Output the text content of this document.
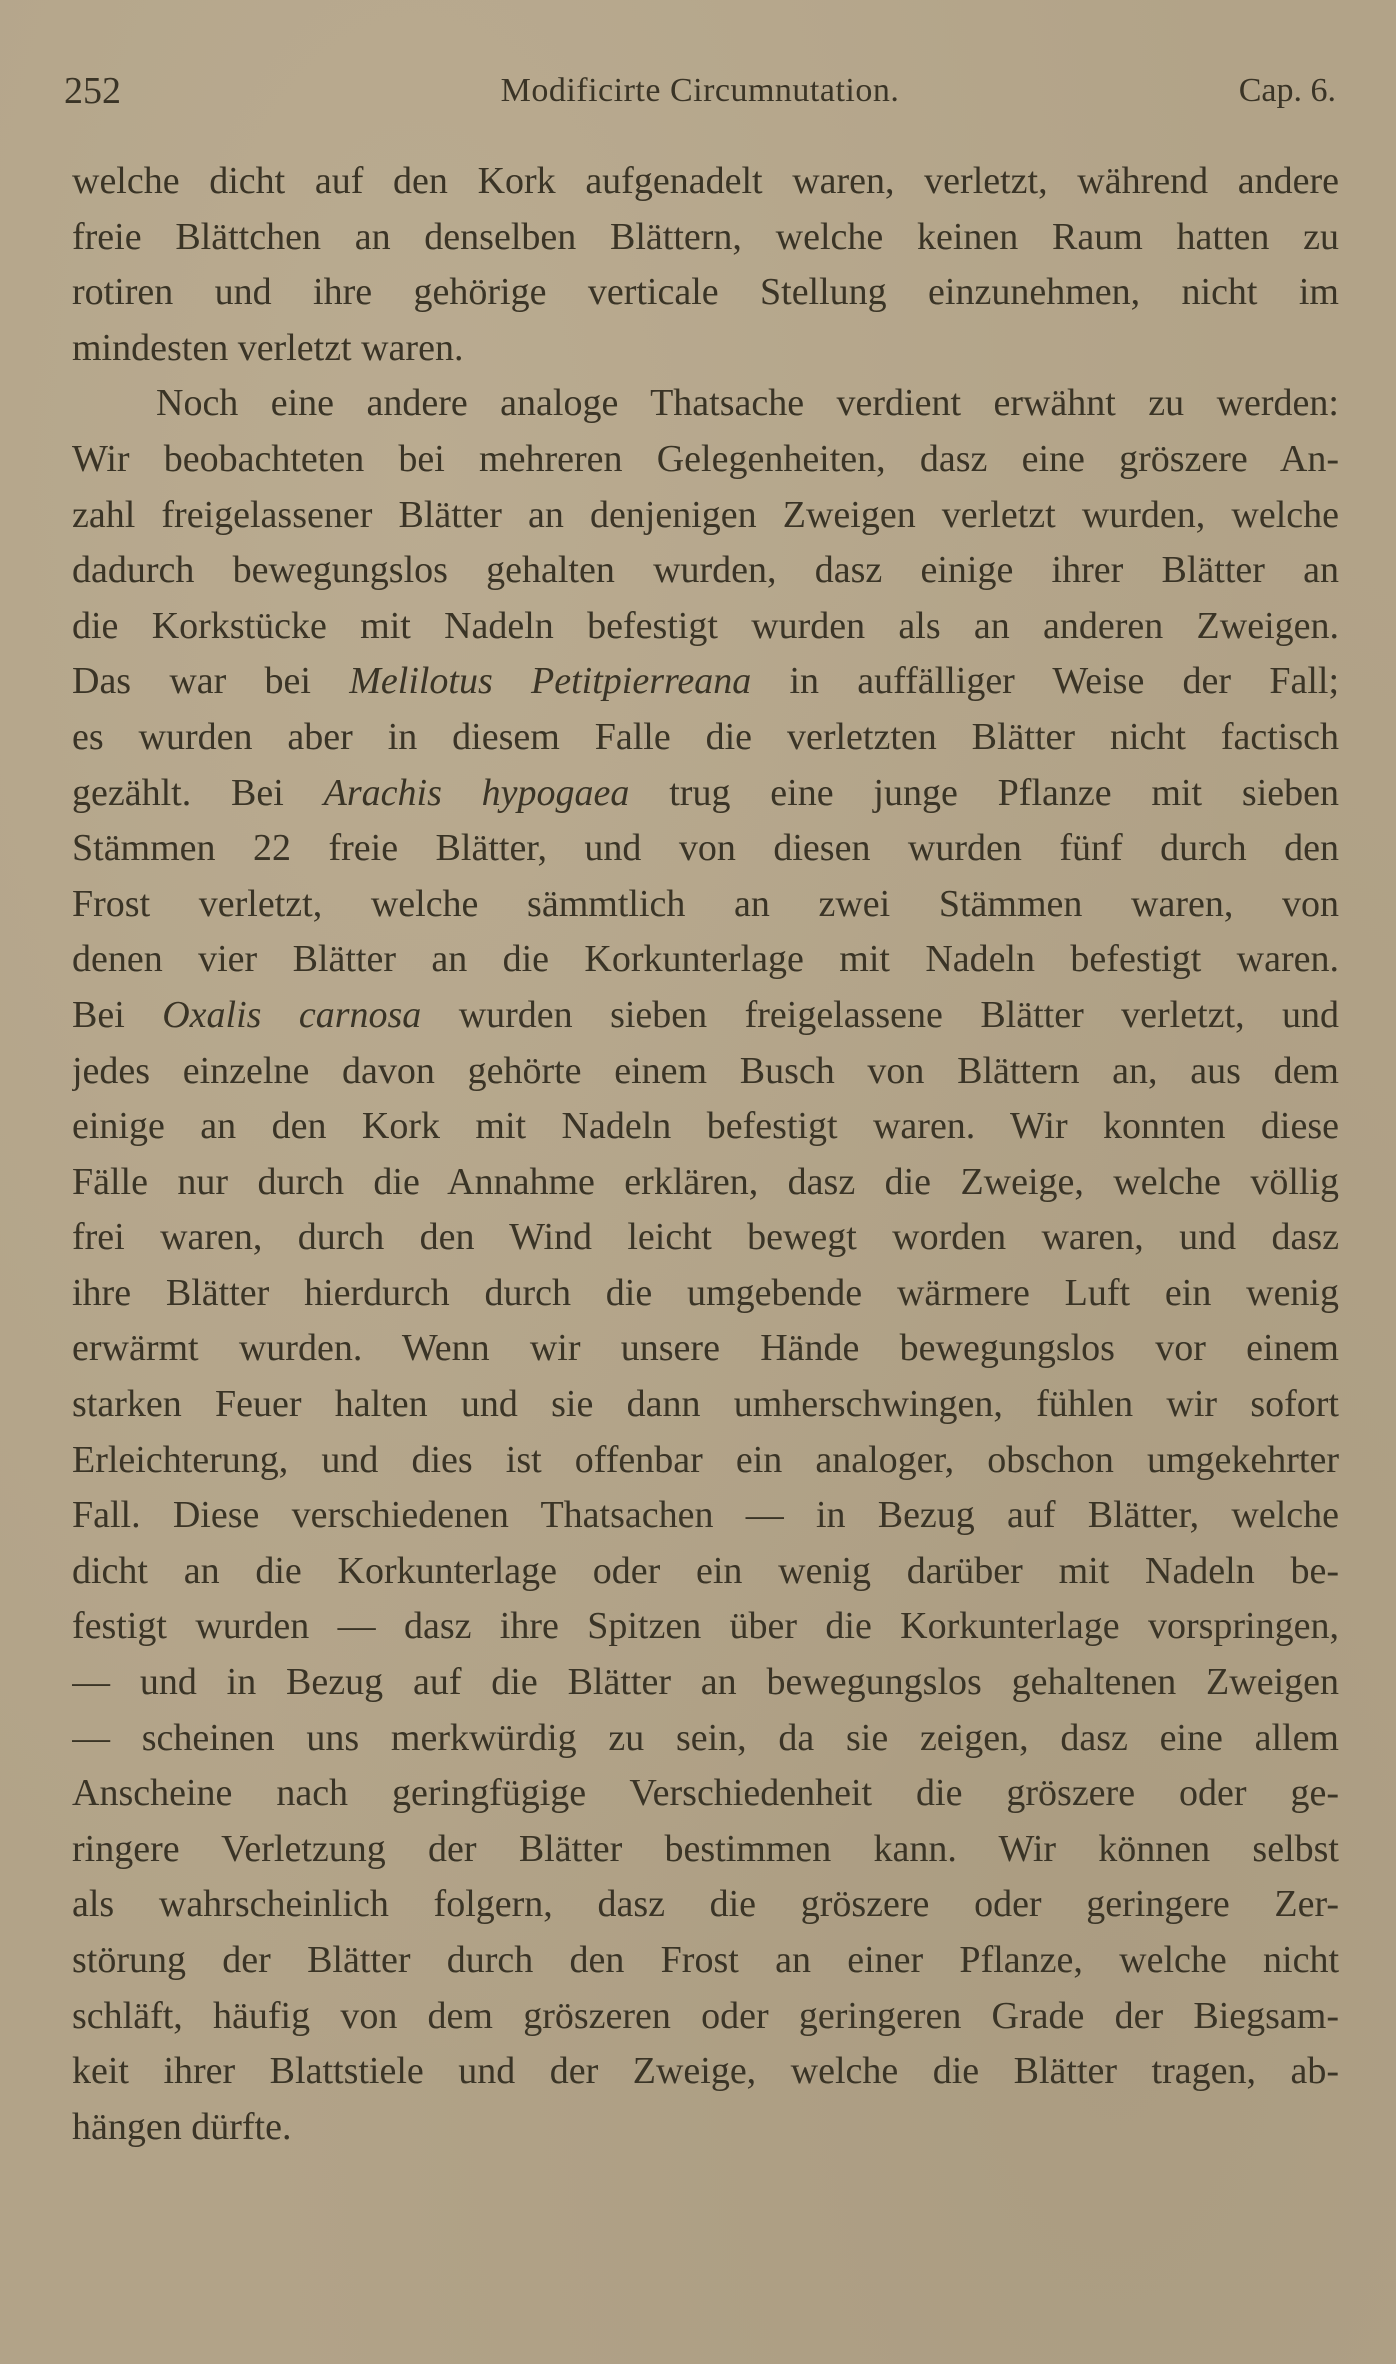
252	Modificirte Circumnutation.	Cap. 6.
welche dicht auf den Kork aufgenadelt waren, verletzt, während andere
freie Blättchen an denselben Blättern, welche keinen Raum hatten zu
rotiren und ihre gehörige verticale Stellung einzunehmen, nicht im
mindesten verletzt waren.
Noch eine andere analoge Thatsache verdient erwähnt zu werden:
Wir beobachteten bei mehreren Gelegenheiten, dasz eine gröszere An-
zahl freigelassener Blätter an denjenigen Zweigen verletzt wurden, welche
dadurch bewegungslos gehalten wurden, dasz einige ihrer Blätter an
die Korkstücke mit Nadeln befestigt wurden als an anderen Zweigen.
Das war bei Melilotus Petitpierreana in auffälliger Weise der Fall;
es wurden aber in diesem Falle die verletzten Blätter nicht factisch
gezählt. Bei Arachis hypogaea trug eine junge Pflanze mit sieben
Stämmen 22 freie Blätter, und von diesen wurden fünf durch den
Frost verletzt, welche sämmtlich an zwei Stämmen waren, von
denen vier Blätter an die Korkunterlage mit Nadeln befestigt waren.
Bei Oxalis carnosa wurden sieben freigelassene Blätter verletzt, und
jedes einzelne davon gehörte einem Busch von Blättern an, aus dem
einige an den Kork mit Nadeln befestigt waren. Wir konnten diese
Fälle nur durch die Annahme erklären, dasz die Zweige, welche völlig
frei waren, durch den Wind leicht bewegt worden waren, und dasz
ihre Blätter hierdurch durch die umgebende wärmere Luft ein wenig
erwärmt wurden. Wenn wir unsere Hände bewegungslos vor einem
starken Feuer halten und sie dann umherschwingen, fühlen wir sofort
Erleichterung, und dies ist offenbar ein analoger, obschon umgekehrter
Fall. Diese verschiedenen Thatsachen — in Bezug auf Blätter, welche
dicht an die Korkunterlage oder ein wenig darüber mit Nadeln be-
festigt wurden — dasz ihre Spitzen über die Korkunterlage vorspringen,
— und in Bezug auf die Blätter an bewegungslos gehaltenen Zweigen
— scheinen uns merkwürdig zu sein, da sie zeigen, dasz eine allem
Anscheine nach geringfügige Verschiedenheit die gröszere oder ge-
ringere Verletzung der Blätter bestimmen kann. Wir können selbst
als wahrscheinlich folgern, dasz die gröszere oder geringere Zer-
störung der Blätter durch den Frost an einer Pflanze, welche nicht
schläft, häufig von dem gröszeren oder geringeren Grade der Biegsam-
keit ihrer Blattstiele und der Zweige, welche die Blätter tragen, ab-
hängen dürfte.
